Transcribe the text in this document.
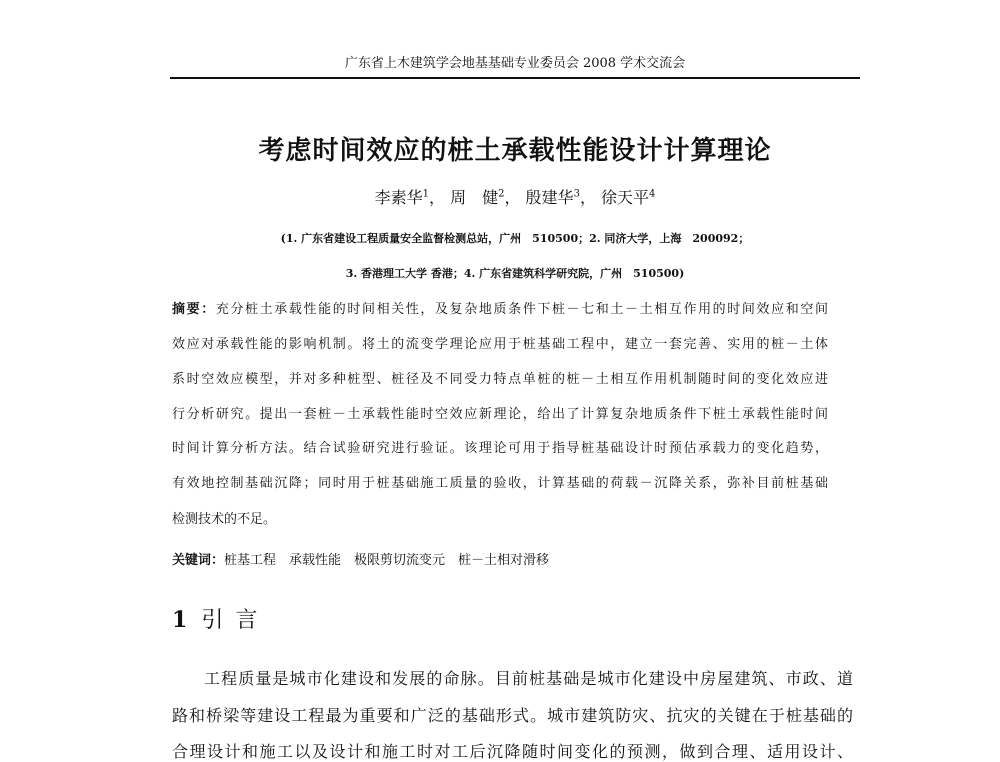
广东省上木建筑学会地基基础专业委员会 2008 学术交流会
考虑时间效应的桩土承载性能设计计算理论
李素华$^1$， 周　健$^2$， 殷建华$^3$， 徐天平$^4$
(1. 广东省建设工程质量安全监督检测总站，广州　510500；2. 同济大学，上海　200092；
3. 香港理工大学 香港；4. 广东省建筑科学研究院，广州　510500)
摘要：充分桩土承载性能的时间相关性，及复杂地质条件下桩－七和土－土相互作用的时间效应和空间
效应对承载性能的影响机制。将土的流变学理论应用于桩基础工程中，建立一套完善、实用的桩－土体
系时空效应模型，并对多种桩型、桩径及不同受力特点单桩的桩－土相互作用机制随时间的变化效应进
行分析研究。提出一套桩－土承载性能时空效应新理论，给出了计算复杂地质条件下桩土承载性能时间
时间计算分析方法。结合试验研究进行验证。该理论可用于指导桩基础设计时预估承载力的变化趋势，
有效地控制基础沉降；同时用于桩基础施工质量的验收，计算基础的荷载－沉降关系，弥补目前桩基础
检测技术的不足。
关键词：桩基工程　承载性能　极限剪切流变元　桩－土相对滑移
1 引言
工程质量是城市化建设和发展的命脉。目前桩基础是城市化建设中房屋建筑、市政、道
路和桥梁等建设工程最为重要和广泛的基础形式。城市建筑防灾、抗灾的关键在于桩基础的
合理设计和施工以及设计和施工时对工后沉降随时间变化的预测，做到合理、适用设计、
